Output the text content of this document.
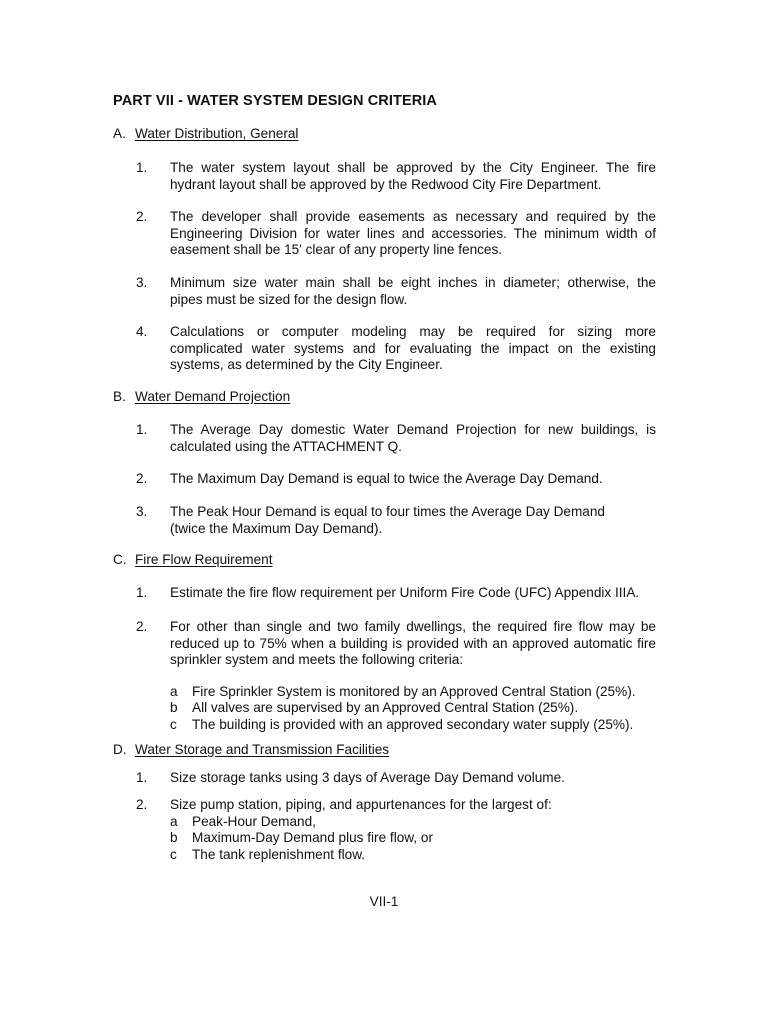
PART VII - WATER SYSTEM DESIGN CRITERIA
A. Water Distribution, General
1. The water system layout shall be approved by the City Engineer. The fire
hydrant layout shall be approved by the Redwood City Fire Department.
2. The developer shall provide easements as necessary and required by the
Engineering Division for water lines and accessories. The minimum width of
easement shall be 15' clear of any property line fences.
3. Minimum size water main shall be eight inches in diameter; otherwise, the
pipes must be sized for the design flow.
4. Calculations or computer modeling may be required for sizing more
complicated water systems and for evaluating the impact on the existing
systems, as determined by the City Engineer.
B. Water Demand Projection
1. The Average Day domestic Water Demand Projection for new buildings, is
calculated using the ATTACHMENT Q.
2. The Maximum Day Demand is equal to twice the Average Day Demand.
3. The Peak Hour Demand is equal to four times the Average Day Demand
(twice the Maximum Day Demand).
C. Fire Flow Requirement
1. Estimate the fire flow requirement per Uniform Fire Code (UFC) Appendix IIIA.
2. For other than single and two family dwellings, the required fire flow may be
reduced up to 75% when a building is provided with an approved automatic fire
sprinkler system and meets the following criteria:
a Fire Sprinkler System is monitored by an Approved Central Station (25%).
b All valves are supervised by an Approved Central Station (25%).
c The building is provided with an approved secondary water supply (25%).
D. Water Storage and Transmission Facilities
1. Size storage tanks using 3 days of Average Day Demand volume.
2. Size pump station, piping, and appurtenances for the largest of:
a Peak-Hour Demand,
b Maximum-Day Demand plus fire flow, or
c The tank replenishment flow.
VII-1
